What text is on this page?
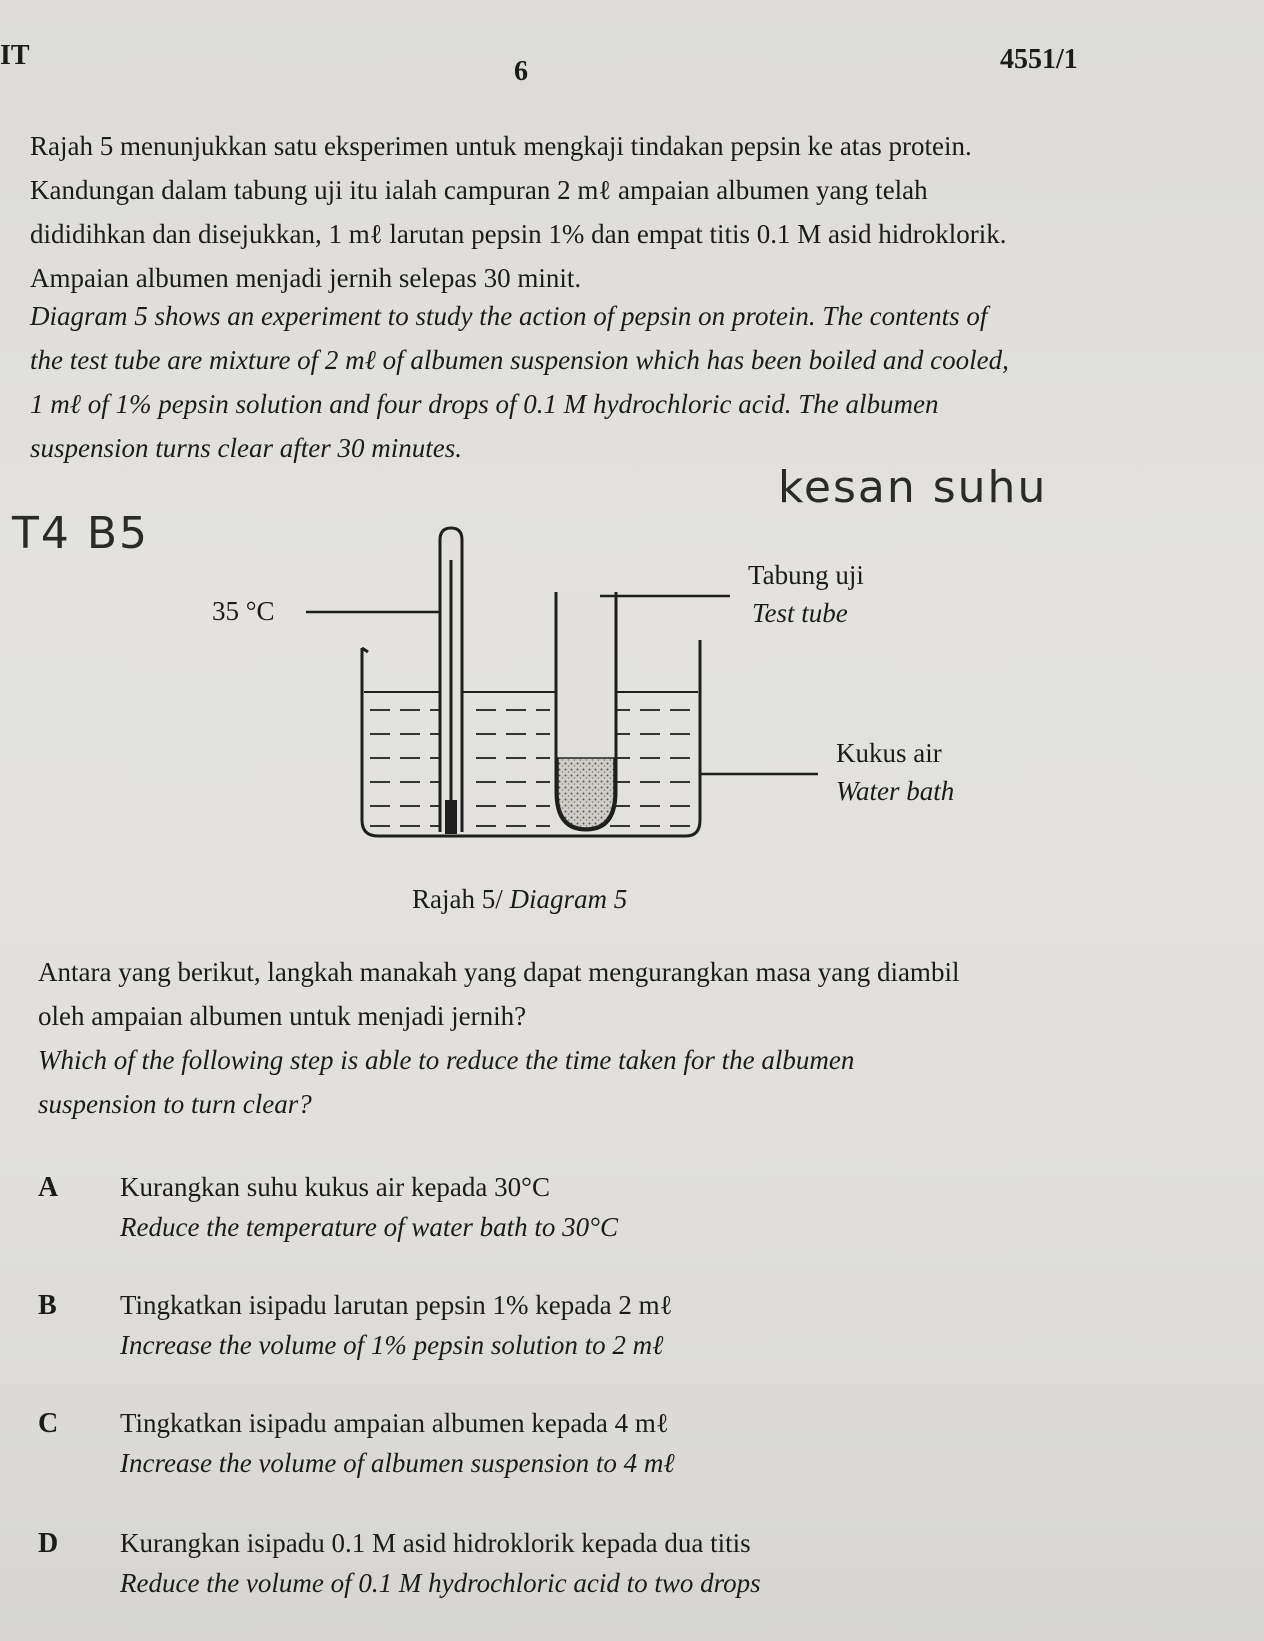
IT
6	4551/1

Rajah 5 menunjukkan satu eksperimen untuk mengkaji tindakan pepsin ke atas protein.

Kandungan dalam tabung uji itu ialah campuran 2 mℓ ampaian albumen yang telah

dididihkan dan disejukkan, 1 mℓ larutan pepsin 1% dan empat titis 0.1 M asid hidroklorik.

Ampaian albumen menjadi jernih selepas 30 minit.

Diagram 5 shows an experiment to study the action of pepsin on protein. The contents of

the test tube are mixture of 2 mℓ of albumen suspension which has been boiled and cooled,

1 mℓ of 1% pepsin solution and four drops of 0.1 M hydrochloric acid. The albumen

suspension turns clear after 30 minutes.

kesan suhu
T4 B5
35 °C
Tabung uji
Test tube
Kukus air
Water bath
Rajah 5/ Diagram 5

Antara yang berikut, langkah manakah yang dapat mengurangkan masa yang diambil

oleh ampaian albumen untuk menjadi jernih?

Which of the following step is able to reduce the time taken for the albumen

suspension to turn clear?

A Kurangkan suhu kukus air kepada 30°C
Reduce the temperature of water bath to 30°C
B Tingkatkan isipadu larutan pepsin 1% kepada 2 mℓ
Increase the volume of 1% pepsin solution to 2 mℓ
C Tingkatkan isipadu ampaian albumen kepada 4 mℓ
Increase the volume of albumen suspension to 4 mℓ
D Kurangkan isipadu 0.1 M asid hidroklorik kepada dua titis
Reduce the volume of 0.1 M hydrochloric acid to two drops
